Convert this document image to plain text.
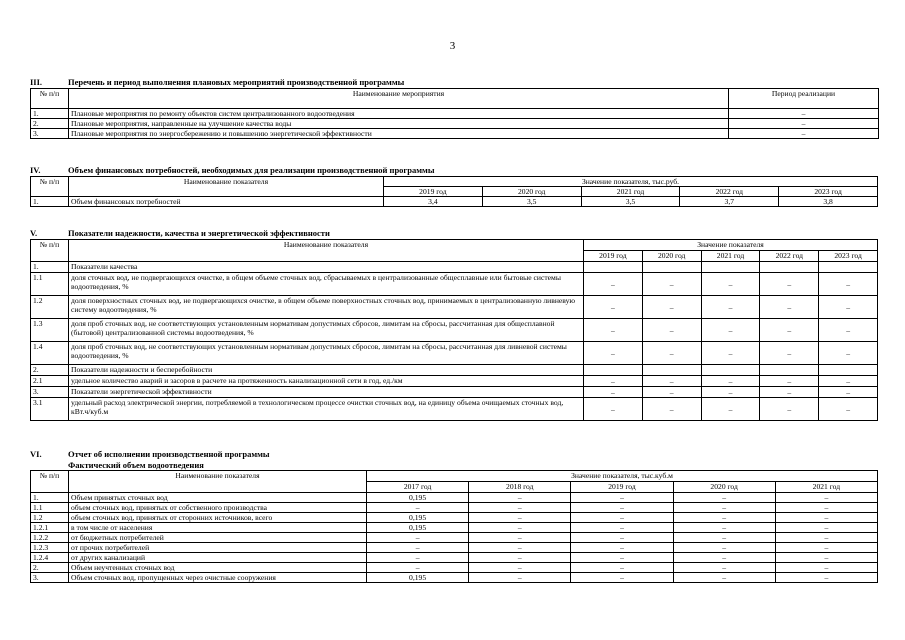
3
III.	Перечень и период выполнения плановых мероприятий производственной программы
№ п/п	Наименование мероприятия	Период реализации
1.	Плановые мероприятия по ремонту объектов систем централизованного водоотведения	–
2.	Плановые мероприятия, направленные на улучшение качества воды	–
3.	Плановые мероприятия по энергосбережению и повышению энергетической эффективности	–
IV.	Объем финансовых потребностей, необходимых для реализации производственной программы
№ п/п	Наименование показателя	Значение показателя, тыс.руб.				
		2019 год	2020 год	2021 год	2022 год	2023 год
1.	Объем финансовых потребностей	3,4	3,5	3,5	3,7	3,8
V.	Показатели надежности, качества и энергетической эффективности
№ п/п	Наименование показателя	Значение показателя				
		2019 год	2020 год	2021 год	2022 год	2023 год
1.	Показатели качества					
1.1	доля сточных вод, не подвергающихся очистке, в общем объеме сточных вод, сбрасываемых в централизованные общесплавные или бытовые системы водоотведения, %	–	–	–	–	–
1.2	доля поверхностных сточных вод, не подвергающихся очистке, в общем объеме поверхностных сточных вод, принимаемых в централизованную ливневую систему водоотведения, %	–	–	–	–	–
1.3	доля проб сточных вод, не соответствующих установленным нормативам допустимых сбросов, лимитам на сбросы, рассчитанная для общесплавной (бытовой) централизованной системы водоотведения, %	–	–	–	–	–
1.4	доля проб сточных вод, не соответствующих установленным нормативам допустимых сбросов, лимитам на сбросы, рассчитанная для ливневой системы водоотведения, %	–	–	–	–	–
2.	Показатели надежности и бесперебойности					
2.1	удельное количество аварий и засоров в расчете на протяженность канализационной сети в год, ед./км	–	–	–	–	–
3.	Показатели энергетической эффективности	–	–	–	–	–
3.1	удельный расход электрической энергии, потребляемой в технологическом процессе очистки сточных вод, на единицу объема очищаемых сточных вод, кВт.ч/куб.м	–	–	–	–	–
VI.	Отчет об исполнении производственной программы
Фактический объем водоотведения
№ п/п	Наименование показателя	Значение показателя, тыс.куб.м				
		2017 год	2018 год	2019 год	2020 год	2021 год
1.	Объем принятых сточных вод	0,195	–	–	–	–
1.1	объем сточных вод, принятых от собственного производства	–	–	–	–	–
1.2	объем сточных вод, принятых от сторонних источников, всего	0,195	–	–	–	–
1.2.1	в том числе от населения	0,195	–	–	–	–
1.2.2	от бюджетных потребителей	–	–	–	–	–
1.2.3	от прочих потребителей	–	–	–	–	–
1.2.4	от других канализаций	–	–	–	–	–
2.	Объем неучтенных сточных вод	–	–	–	–	–
3.	Объем сточных вод, пропущенных через очистные сооружения	0,195	–	–	–	–
